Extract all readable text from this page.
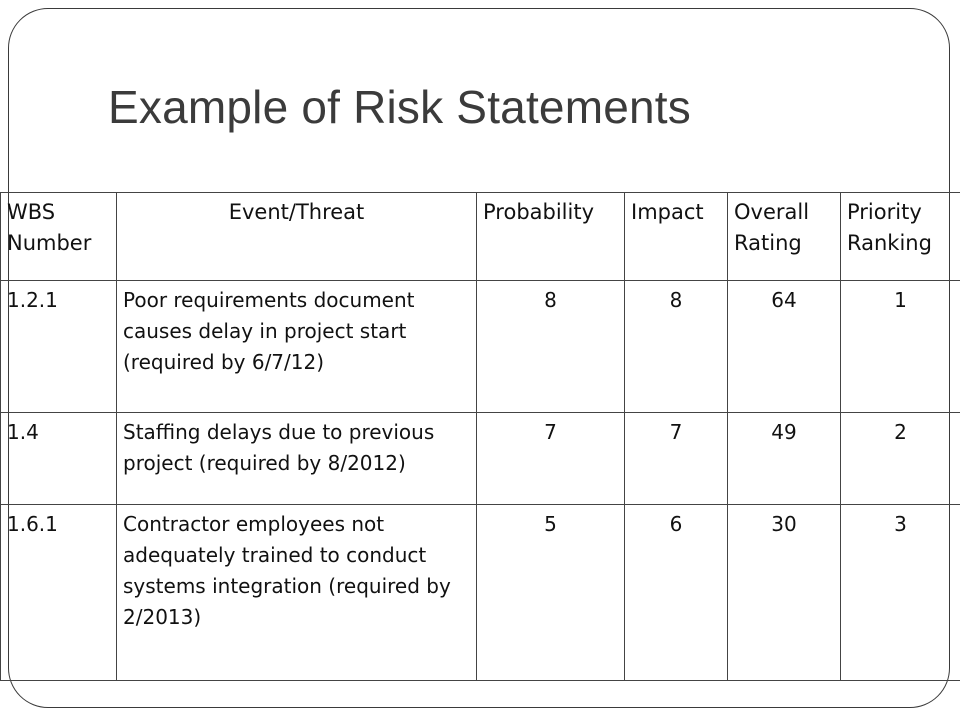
Example of Risk Statements
WBS Number	Event/Threat	Probability	Impact	Overall Rating	Priority Ranking
1.2.1	Poor requirements document causes delay in project start (required by 6/7/12)	8	8	64	1
1.4	Staffing delays due to previous project (required by 8/2012)	7	7	49	2
1.6.1	Contractor employees not adequately trained to conduct systems integration (required by 2/2013)	5	6	30	3
